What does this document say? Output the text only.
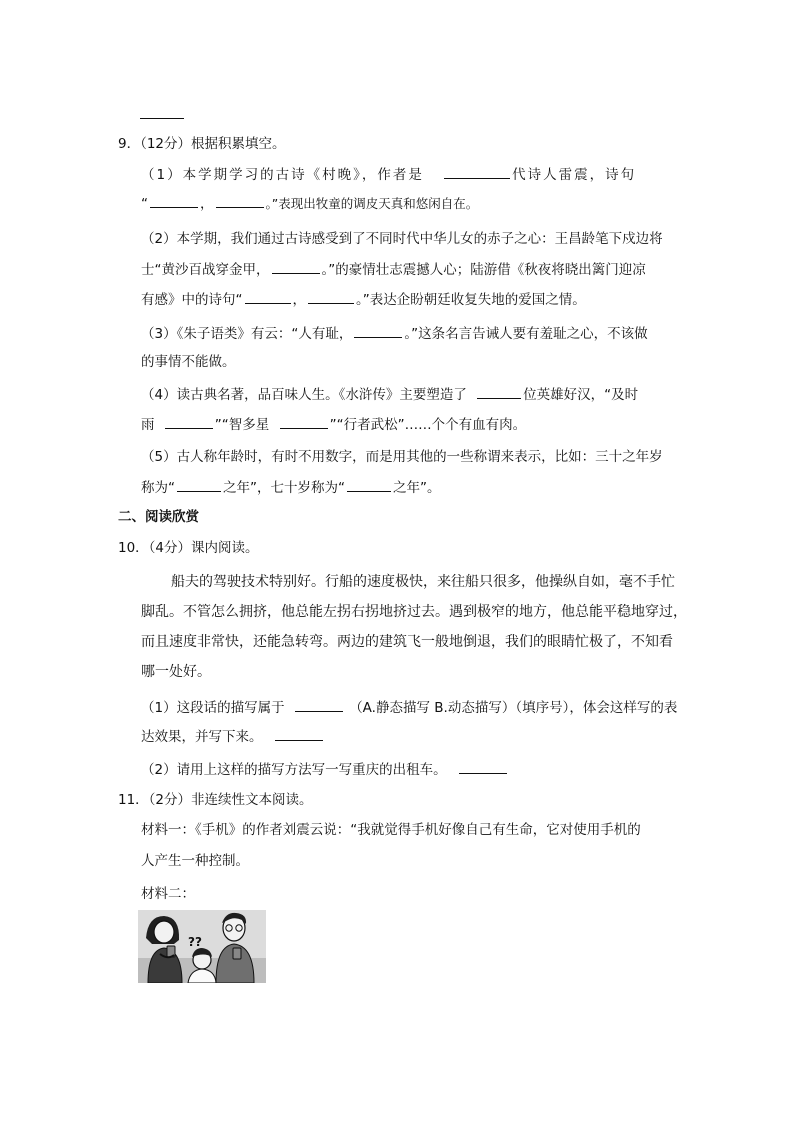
9．（12分）根据积累填空。
（1）本学期学习的古诗《村晚》，作者是	代诗人雷震，诗句
“	，	。”表现出牧童的调皮天真和悠闲自在。
（2）本学期，我们通过古诗感受到了不同时代中华儿女的赤子之心：王昌龄笔下戍边将
士“黄沙百战穿金甲，	。”的豪情壮志震撼人心；陆游借《秋夜将晓出篱门迎凉
有感》中的诗句“	，	。”表达企盼朝廷收复失地的爱国之情。
（3）《朱子语类》有云：“人有耻，	。”这条名言告诫人要有羞耻之心，不该做
的事情不能做。
（4）读古典名著，品百味人生。《水浒传》主要塑造了	位英雄好汉，“及时
雨	”“智多星	”“行者武松”……个个有血有肉。
（5）古人称年龄时，有时不用数字，而是用其他的一些称谓来表示，比如：三十之年岁
称为“	之年”，七十岁称为“	之年”。
二、阅读欣赏
10．（4分）课内阅读。
船夫的驾驶技术特别好。行船的速度极快，来往船只很多，他操纵自如，毫不手忙
脚乱。不管怎么拥挤，他总能左拐右拐地挤过去。遇到极窄的地方，他总能平稳地穿过，
而且速度非常快，还能急转弯。两边的建筑飞一般地倒退，我们的眼睛忙极了，不知看
哪一处好。
（1）这段话的描写属于	（A.静态描写 B.动态描写）（填序号），体会这样写的表
达效果，并写下来。
（2）请用上这样的描写方法写一写重庆的出租车。
11．（2分）非连续性文本阅读。
材料一：《手机》的作者刘震云说：“我就觉得手机好像自己有生命，它对使用手机的
人产生一种控制。
材料二：
??
